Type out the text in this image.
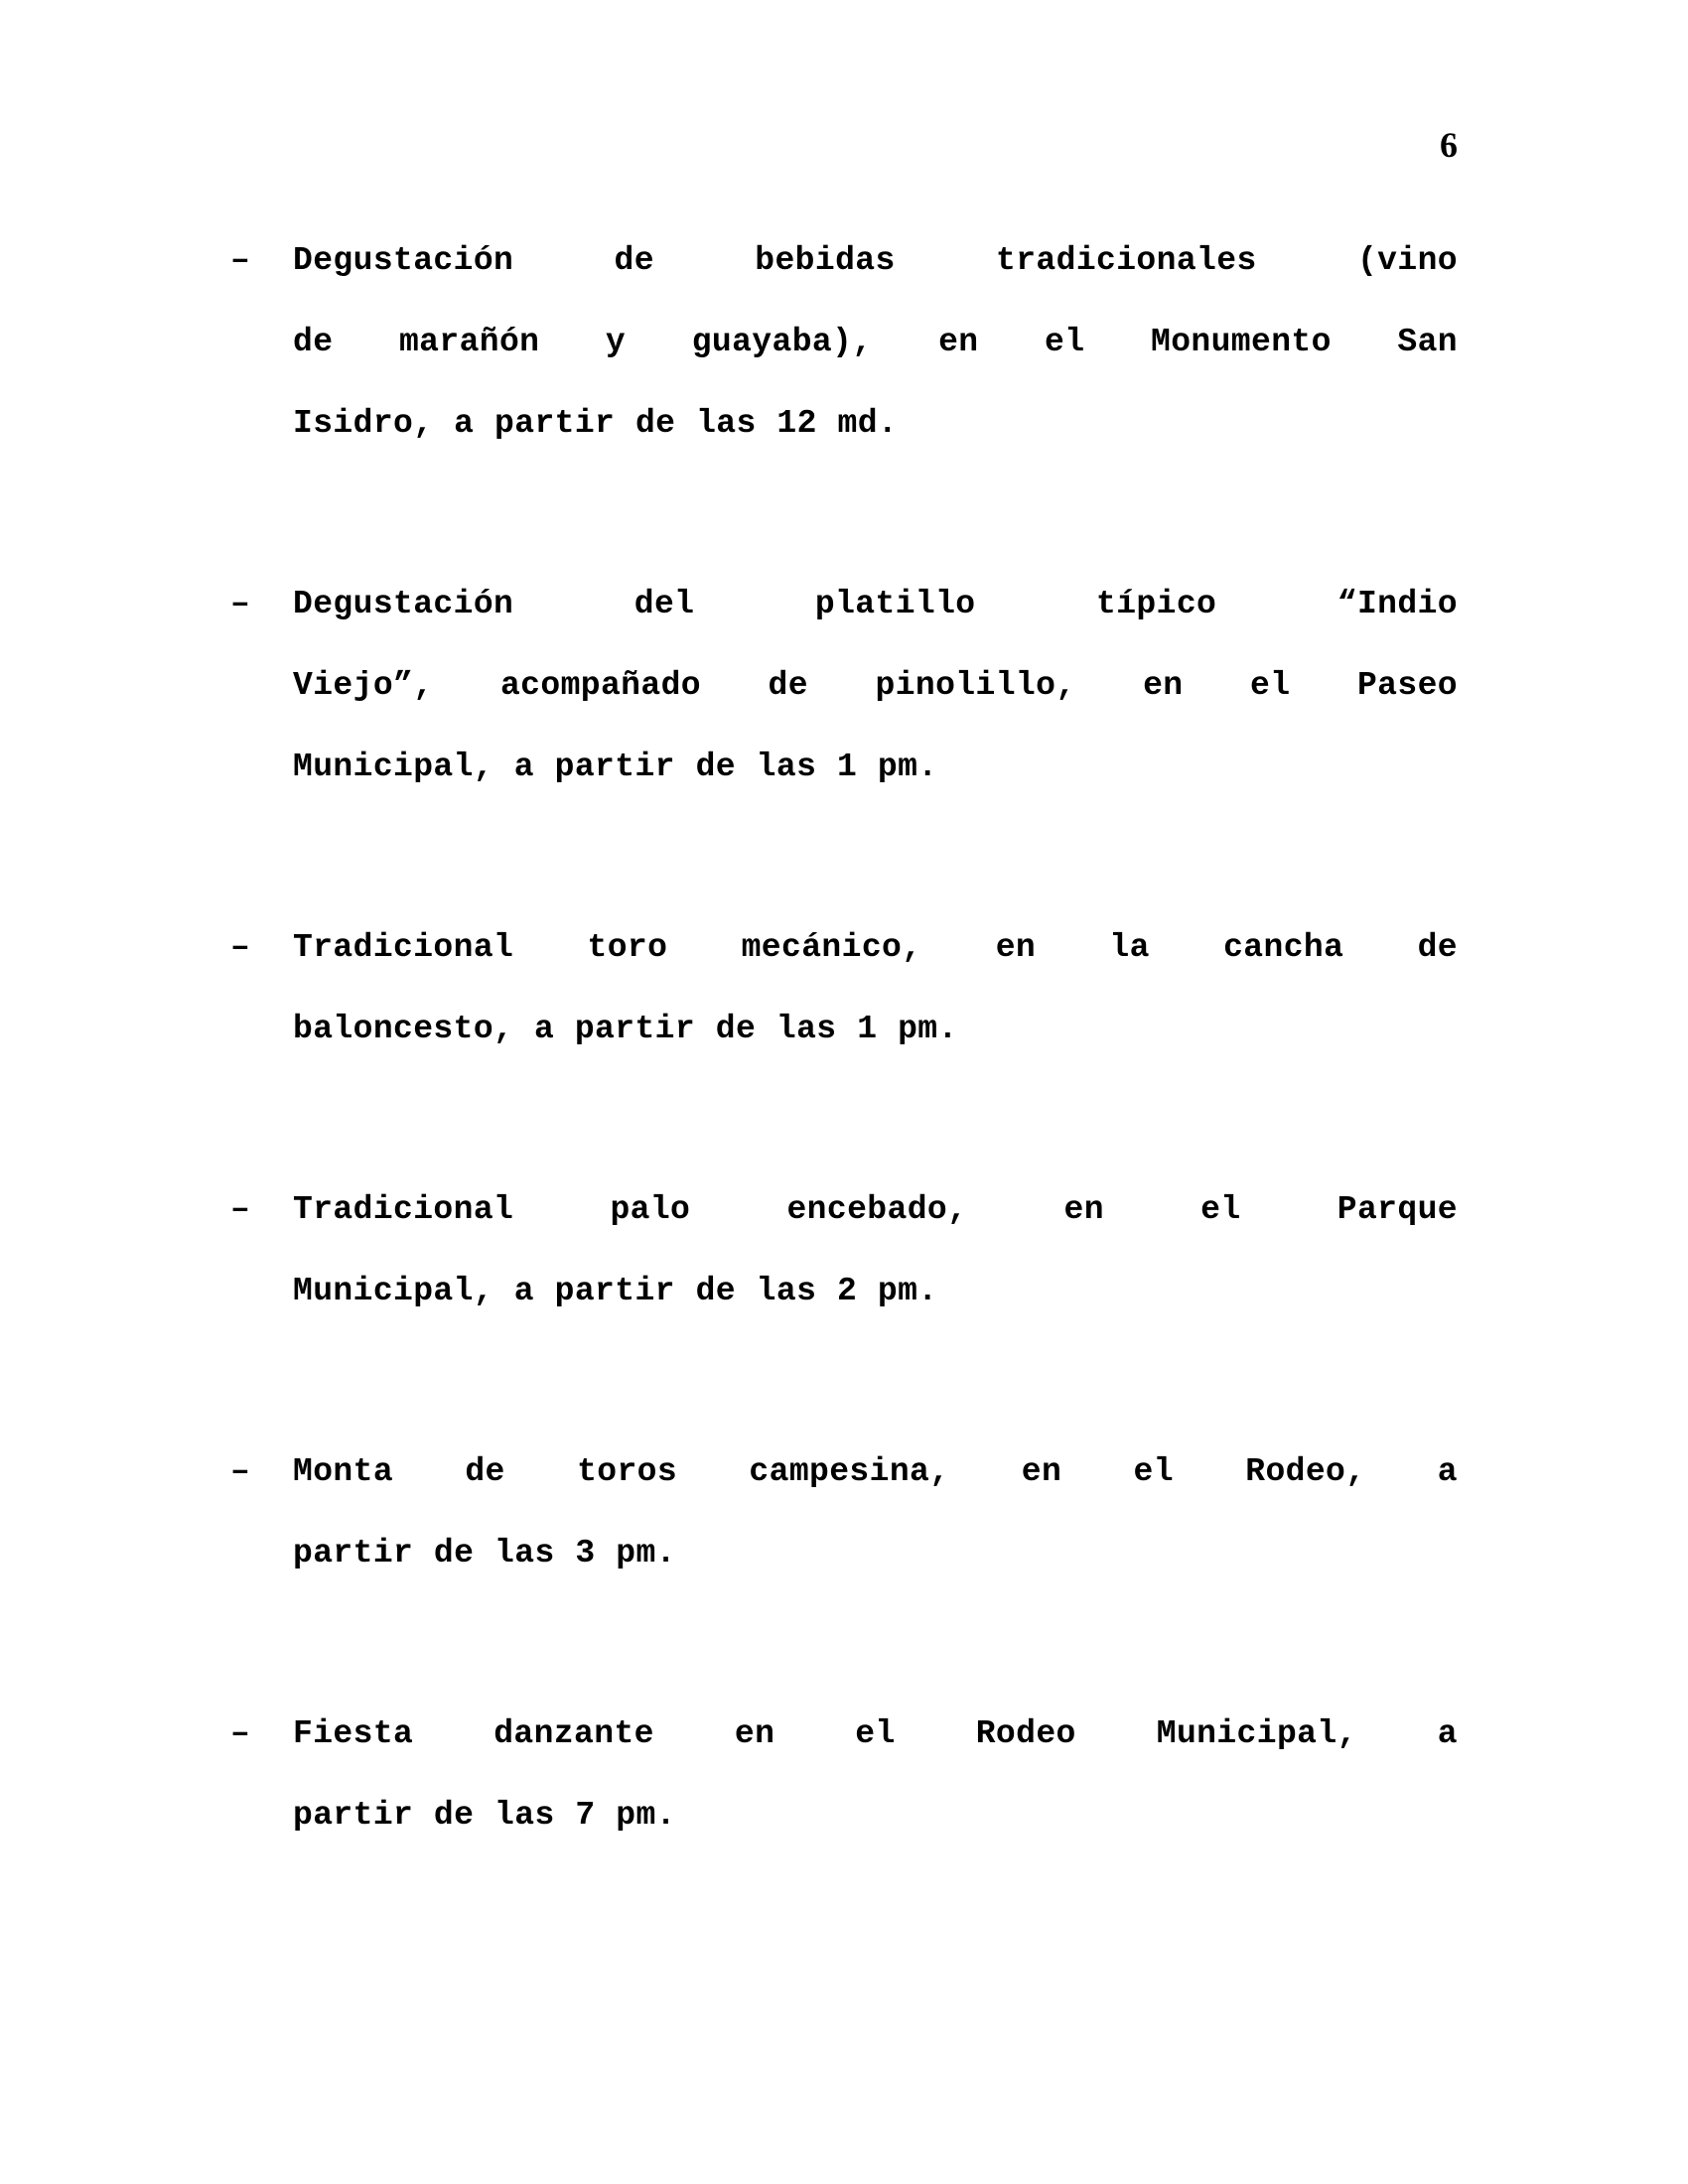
6
–	Degustación de bebidas tradicionales (vino
de marañón y guayaba), en el Monumento San
Isidro, a partir de las 12 md.
–	Degustación del platillo típico “Indio
Viejo”, acompañado de pinolillo, en el Paseo
Municipal, a partir de las 1 pm.
–	Tradicional toro mecánico, en la cancha de
baloncesto, a partir de las 1 pm.
–	Tradicional palo encebado, en el Parque
Municipal, a partir de las 2 pm.
–	Monta de toros campesina, en el Rodeo, a
partir de las 3 pm.
–	Fiesta danzante en el Rodeo Municipal, a
partir de las 7 pm.
